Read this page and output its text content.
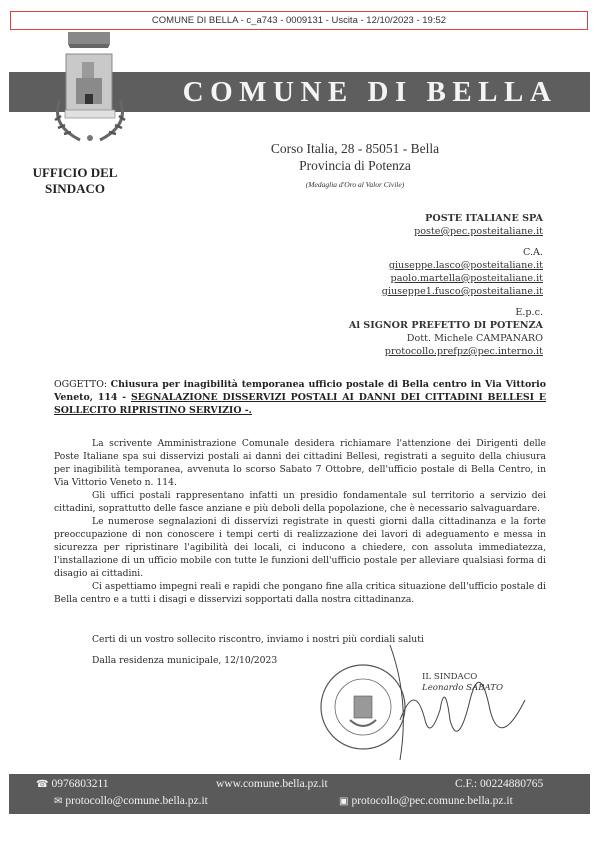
COMUNE DI BELLA - c_a743 - 0009131 - Uscita - 12/10/2023 - 19:52
COMUNE DI BELLA
Corso Italia, 28 - 85051 - Bella
Provincia di Potenza
(Medaglia d'Oro al Valor Civile)
UFFICIO DEL
SINDACO
POSTE ITALIANE SPA
poste@pec.posteitaliane.it
C.A.
giuseppe.lasco@posteitaliane.it
paolo.martella@posteitaliane.it
giuseppe1.fusco@posteitaliane.it
E.p.c.
Al SIGNOR PREFETTO DI POTENZA
Dott. Michele CAMPANARO
protocollo.prefpz@pec.interno.it
OGGETTO: Chiusura per inagibilità temporanea ufficio postale di Bella centro in Via Vittorio Veneto, 114 - SEGNALAZIONE DISSERVIZI POSTALI AI DANNI DEI CITTADINI BELLESI E SOLLECITO RIPRISTINO SERVIZIO -.

La scrivente Amministrazione Comunale desidera richiamare l'attenzione dei Dirigenti delle Poste Italiane spa sui disservizi postali ai danni dei cittadini Bellesi, registrati a seguito della chiusura per inagibilità temporanea, avvenuta lo scorso Sabato 7 Ottobre, dell'ufficio postale di Bella Centro, in Via Vittorio Veneto n. 114.

Gli uffici postali rappresentano infatti un presidio fondamentale sul territorio a servizio dei cittadini, soprattutto delle fasce anziane e più deboli della popolazione, che è necessario salvaguardare.

Le numerose segnalazioni di disservizi registrate in questi giorni dalla cittadinanza e la forte preoccupazione di non conoscere i tempi certi di realizzazione dei lavori di adeguamento e messa in sicurezza per ripristinare l'agibilità dei locali, ci inducono a chiedere, con assoluta immediatezza, l'installazione di un ufficio mobile con tutte le funzioni dell'ufficio postale per alleviare qualsiasi forma di disagio ai cittadini.

Ci aspettiamo impegni reali e rapidi che pongano fine alla critica situazione dell'ufficio postale di Bella centro e a tutti i disagi e disservizi sopportati dalla nostra cittadinanza.

Certi di un vostro sollecito riscontro, inviamo i nostri più cordiali saluti
Dalla residenza municipale, 12/10/2023
IL SINDACO
Leonardo SABATO
☎ 0976803211	www.comune.bella.pz.it	C.F.: 00224880765
✉ protocollo@comune.bella.pz.it	▣ protocollo@pec.comune.bella.pz.it
